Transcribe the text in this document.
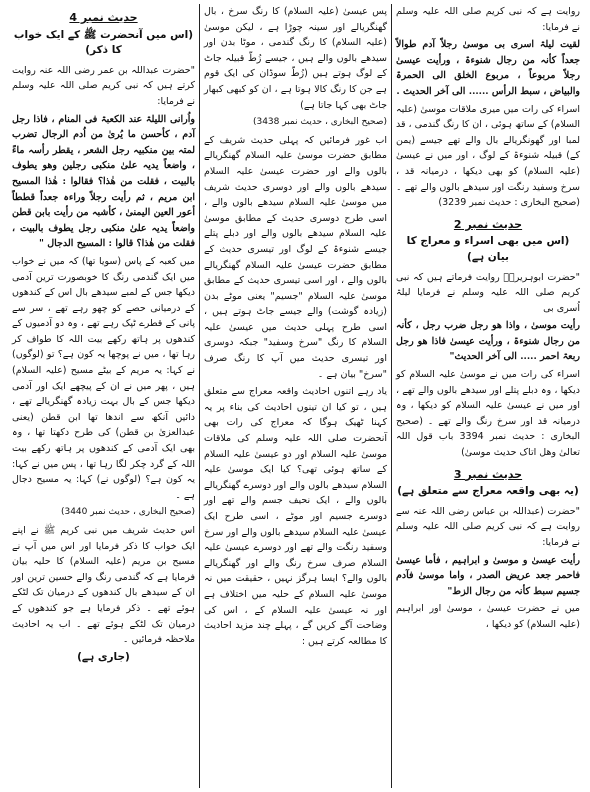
روایت ہے کہ نبی کریم صلی اللہ علیہ وسلم نے فرمایا:

لقیت لیلۃ اسری بی موسیٰ رجلاً آدم طوالاً جعداً کأنہ من رجال شنوءۃ ، ورأیت عیسیٰ رجلاً مربوعاً ، مربوع الخلق الی الحمرۃ والبیاض ، سبط الرأس ...... الی آخر الحدیث .

اسراء کی رات میں میری ملاقات موسیٰ (علیہ السلام) کے ساتھ ہوئی ، ان کا رنگ گندمی ، قد لمبا اور گھونگریالے بال والے تھے جیسے (یمن کے) قبیلہ شنوءۃ کے لوگ ، اور میں نے عیسیٰ (علیہ السلام) کو بھی دیکھا ، درمیانہ قد ، سرخ وسفید رنگت اور سیدھے بالوں والے تھے ۔ (صحیح البخاری : حدیث نمبر 3239)

حدیث نمبر 2
(اس میں بھی اسراء و معراج کا بیان ہے)

"حضرت ابوہریرہؓ روایت فرماتے ہیں کہ نبی کریم صلی اللہ علیہ وسلم نے فرمایا لیلۃ اُسری بی

رأیت موسیٰ ، واذا ھو رجل ضرب رجل ، کأنہ من رجال شنوءۃ ، ورأیت عیسیٰ فاذا ھو رجل ربعۃ احمر ..... الی آخر الحدیث"

اسراء کی رات میں نے موسیٰ علیہ السلام کو دیکھا ، وہ دبلے پتلے اور سیدھے بالوں والے تھے ، اور میں نے عیسیٰ علیہ السلام کو دیکھا ، وہ درمیانہ قد اور سرخ رنگ والے تھے ۔ (صحیح البخاری : حدیث نمبر 3394 باب قول اللہ تعالیٰ وھل اتاک حدیث موسیٰ)

حدیث نمبر 3
(یہ بھی واقعہ معراج سے متعلق ہے)

"حضرت (عبداللہ بن عباس رضی اللہ عنہ سے روایت ہے کہ نبی کریم صلی اللہ علیہ وسلم نے فرمایا:

رأیت عیسیٰ و موسیٰ و ابراہیم ، فأما عیسیٰ فاحمر جعد عریض الصدر ، واما موسیٰ فآدم جسیم سبط کأنہ من رجال الزط"

میں نے حضرت عیسیٰ ، موسیٰ اور ابراہیم (علیہ السلام) کو دیکھا ،

پس عیسیٰ (علیہ السلام) کا رنگ سرخ ، بال گھنگریالے اور سینہ چوڑا ہے ، لیکن موسیٰ (علیہ السلام) کا رنگ گندمی ، موٹا بدن اور سیدھے بالوں والے ہیں ، جیسے زُطّ قبیلہ جاٹ کے لوگ ہوتے ہیں (زُطّ سوڈان کی ایک قوم ہے جن کا رنگ کالا ہوتا ہے ، ان کو کبھی کبھار جاٹ بھی کہا جاتا ہے)

(صحیح البخاری ، حدیث نمبر 3438)

اب غور فرمائیں کہ پہلی حدیث شریف کے مطابق حضرت موسیٰ علیہ السلام گھنگریالے بالوں والے اور حضرت عیسیٰ علیہ السلام سیدھے بالوں والے اور دوسری حدیث شریف میں موسیٰ علیہ السلام سیدھے بالوں والے ، اسی طرح دوسری حدیث کے مطابق موسیٰ علیہ السلام سیدھے بالوں والے اور دبلے پتلے جیسے شنوءۃ کے لوگ اور تیسری حدیث کے مطابق حضرت عیسیٰ علیہ السلام گھنگریالے بالوں والے ، اور اسی تیسری حدیث کے مطابق موسیٰ علیہ السلام "جسیم" یعنی موٹے بدن (زیادہ گوشت) والے جیسے جاٹ ہوتے ہیں ، اسی طرح پہلی حدیث میں عیسیٰ علیہ السلام کا رنگ "سرخ وسفید" جبکہ دوسری اور تیسری حدیث میں آپ کا رنگ صرف "سرخ" بیان ہے ۔

یاد رہے اتنوں احادیث واقعہ معراج سے متعلق ہیں ، تو کیا ان تینوں احادیث کی بناء پر یہ کہنا ٹھیک ہوگا کہ معراج کی رات بھی آنحضرت صلی اللہ علیہ وسلم کی ملاقات موسیٰ علیہ السلام اور دو عیسیٰ علیہ السلام کے ساتھ ہوئی تھی؟ کیا ایک موسیٰ علیہ السلام سیدھے بالوں والے اور دوسرے گھنگریالے بالوں والے ، ایک نحیف جسم والے تھے اور دوسرے جسیم اور موٹے ، اسی طرح ایک عیسیٰ علیہ السلام سیدھے بالوں والے اور سرخ وسفید رنگت والے تھے اور دوسرے عیسیٰ علیہ السلام صرف سرخ رنگ والے اور گھنگریالے بالوں والے؟ ایسا ہرگز نہیں ، حقیقت میں نہ موسیٰ علیہ السلام کے حلیہ میں اختلاف ہے اور نہ عیسیٰ علیہ السلام کے ، اس کی وضاحت آگے کریں گے ، پہلے چند مزید احادیث کا مطالعہ کرتے ہیں :

حدیث نمبر 4
(اس میں آنحضرت ﷺ کے ایک خواب کا ذکر)

"حضرت عبداللہ بن عمر رضی اللہ عنہ روایت کرتے ہیں کہ نبی کریم صلی اللہ علیہ وسلم نے فرمایا:

واُرانی اللیلۃ عند الکعبۃ فی المنام ، فاذا رجل آدم ، کأحسن ما یُریٰ من اُدم الرجال تضرب لمتہ بین منکبیہ رجل الشعر ، یقطر رأسہ ماءً ، واضعاً یدیہ علیٰ منکبی رجلین وھو یطوف بالبیت ، فقلت من ھٰذا؟ فقالوا : ھٰذا المسیح ابن مریم ، ثم رأیت رجلاً وراءہ جعداً قططاً أعور العین الیمنیٰ ، کأشبہ من رأیت بابن قطن واضعاً یدیہ علیٰ منکبی رجل یطوف بالبیت ، فقلت من ھٰذا؟ قالوا : المسیح الدجال "

میں کعبہ کے پاس (سویا تھا) کہ میں نے خواب میں ایک گندمی رنگ کا خوبصورت ترین آدمی دیکھا جس کے لمبے سیدھے بال اس کے کندھوں کے درمیانی حصے کو چھو رہے تھے ، سر سے پانی کے قطرے ٹپک رہے تھے ، وہ دو آدمیوں کے کندھوں پر ہاتھ رکھے بیت اللہ کا طواف کر رہا تھا ، میں نے پوچھا یہ کون ہے؟ تو (لوگوں) نے کہا: یہ مریم کے بیٹے مسیح (علیہ السلام) ہیں ، پھر میں نے ان کے پیچھے ایک اور آدمی دیکھا جس کے بال بہت زیادہ گھنگریالے تھے ، دائیں آنکھ سے اندھا تھا ابن قطن (یعنی عبدالعزیٰ بن قطن) کی طرح دکھتا تھا ، وہ بھی ایک آدمی کے کندھوں پر ہاتھ رکھے بیت اللہ کے گرد چکر لگا رہا تھا ، پس میں نے کہا: یہ کون ہے؟ (لوگوں نے) کہا: یہ مسیح دجال ہے ۔

(صحیح البخاری ، حدیث نمبر 3440)

اس حدیث شریف میں نبی کریم ﷺ نے اپنے ایک خواب کا ذکر فرمایا اور اس میں آپ نے مسیح بن مریم (علیہ السلام) کا حلیہ بیان فرمایا ہے کہ گندمی رنگ والے حسین ترین اور ان کے سیدھے بال کندھوں کے درمیان تک لٹکے ہوئے تھے ۔ ذکر فرمایا ہے جو کندھوں کے درمیان تک لٹکے ہوئے تھے ۔ اب یہ احادیث ملاحظہ فرمائیں ۔

(جاری ہے)
